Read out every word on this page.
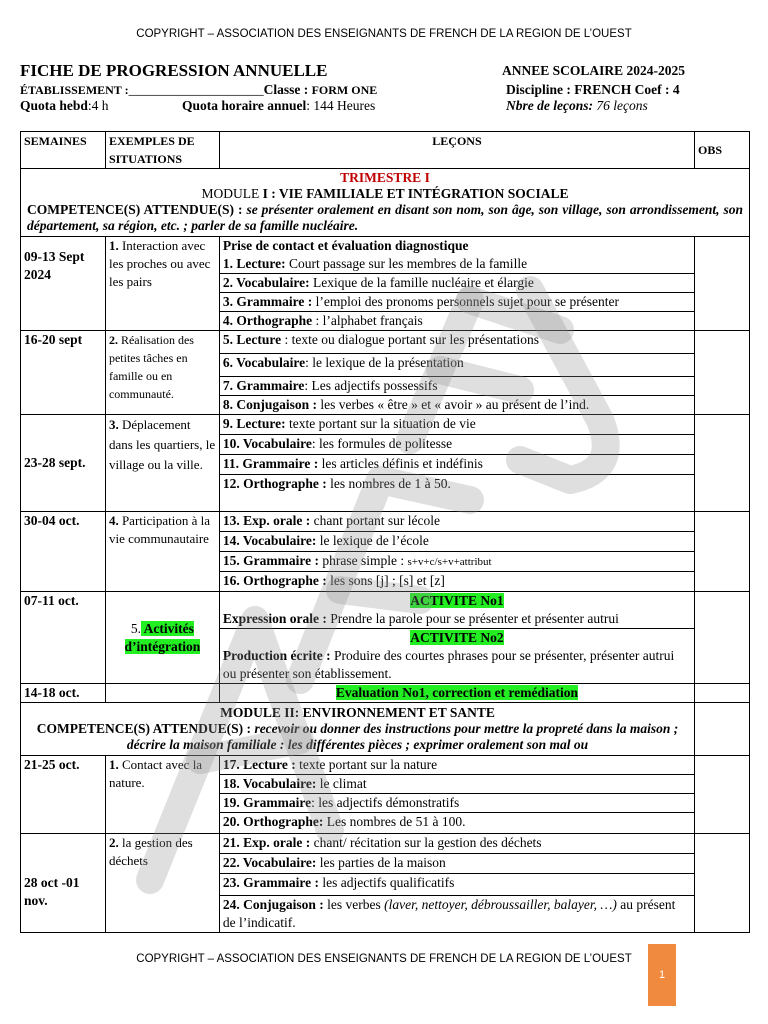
COPYRIGHT – ASSOCIATION DES ENSEIGNANTS DE FRENCH DE LA REGION DE L’OUEST
FICHE DE PROGRESSION ANNUELLE	ANNEE SCOLAIRE 2024-2025
ÉTABLISSEMENT :____________________Classe : FORM ONE	Discipline : FRENCH Coef : 4
Quota hebd:4 h	Quota horaire annuel: 144 Heures	Nbre de leçons: 76 leçons
SEMAINES	EXEMPLES DE SITUATIONS	LEÇONS	OBS

TRIMESTRE I
MODULE I : VIE FAMILIALE ET INTÉGRATION SOCIALE
COMPETENCE(S) ATTENDUE(S) : se présenter oralement en disant son nom, son âge, son village, son arrondissement, son département, sa région, etc. ; parler de sa famille nucléaire.			

09-13 Sept 2024	1. Interaction avec les proches ou avec les pairs	Prise de contact et évaluation diagnostique	
		1. Lecture: Court passage sur les membres de la famille	
		2. Vocabulaire: Lexique de la famille nucléaire et élargie	
		3. Grammaire : l’emploi des pronoms personnels sujet pour se présenter	
		4. Orthographe : l’alphabet français	
16-20 sept	2. Réalisation des petites tâches en famille ou en communauté.	5. Lecture : texte ou dialogue portant sur les présentations	
		6. Vocabulaire: le lexique de la présentation	
		7. Grammaire: Les adjectifs possessifs	
		8. Conjugaison : les verbes « être » et « avoir » au présent de l’ind.	
23-28 sept.	3. Déplacement dans les quartiers, le village ou la ville.	9. Lecture: texte portant sur la situation de vie	
		10. Vocabulaire: les formules de politesse	
		11. Grammaire : les articles définis et indéfinis	
		12. Orthographe : les nombres de 1 à 50.	
30-04 oct.	4. Participation à la vie communautaire	13. Exp. orale : chant portant sur lécole	
		14. Vocabulaire: le lexique de l’école	
		15. Grammaire : phrase simple : s+v+c/s+v+attribut	
		16. Orthographe : les sons [j] ; [s] et [z]	
07-11 oct.	5. Activités d’intégration	ACTIVITE No1
Expression orale : Prendre la parole pour se présenter et présenter autrui	

		ACTIVITE No2
Production écrite : Produire des courtes phrases pour se présenter, présenter autrui ou présenter son établissement.	

14-18 oct.		Evaluation No1, correction et remédiation	

MODULE II: ENVIRONNEMENT ET SANTE
COMPETENCE(S) ATTENDUE(S) : recevoir ou donner des instructions pour mettre la propreté dans la maison ; décrire la maison familiale : les différentes pièces ; exprimer oralement son mal ou			

21-25 oct.	1. Contact avec la nature.	17. Lecture : texte portant sur la nature	
		18. Vocabulaire: le climat	
		19. Grammaire: les adjectifs démonstratifs	
		20. Orthographe: Les nombres de 51 à 100.	
28 oct -01 nov.	2. la gestion des déchets	21. Exp. orale : chant/ récitation sur la gestion des déchets	
		22. Vocabulaire: les parties de la maison	
		23. Grammaire : les adjectifs qualificatifs	
		24. Conjugaison : les verbes (laver, nettoyer, débroussailler, balayer, …) au présent de l’indicatif.	
COPYRIGHT – ASSOCIATION DES ENSEIGNANTS DE FRENCH DE LA REGION DE L’OUEST
1
